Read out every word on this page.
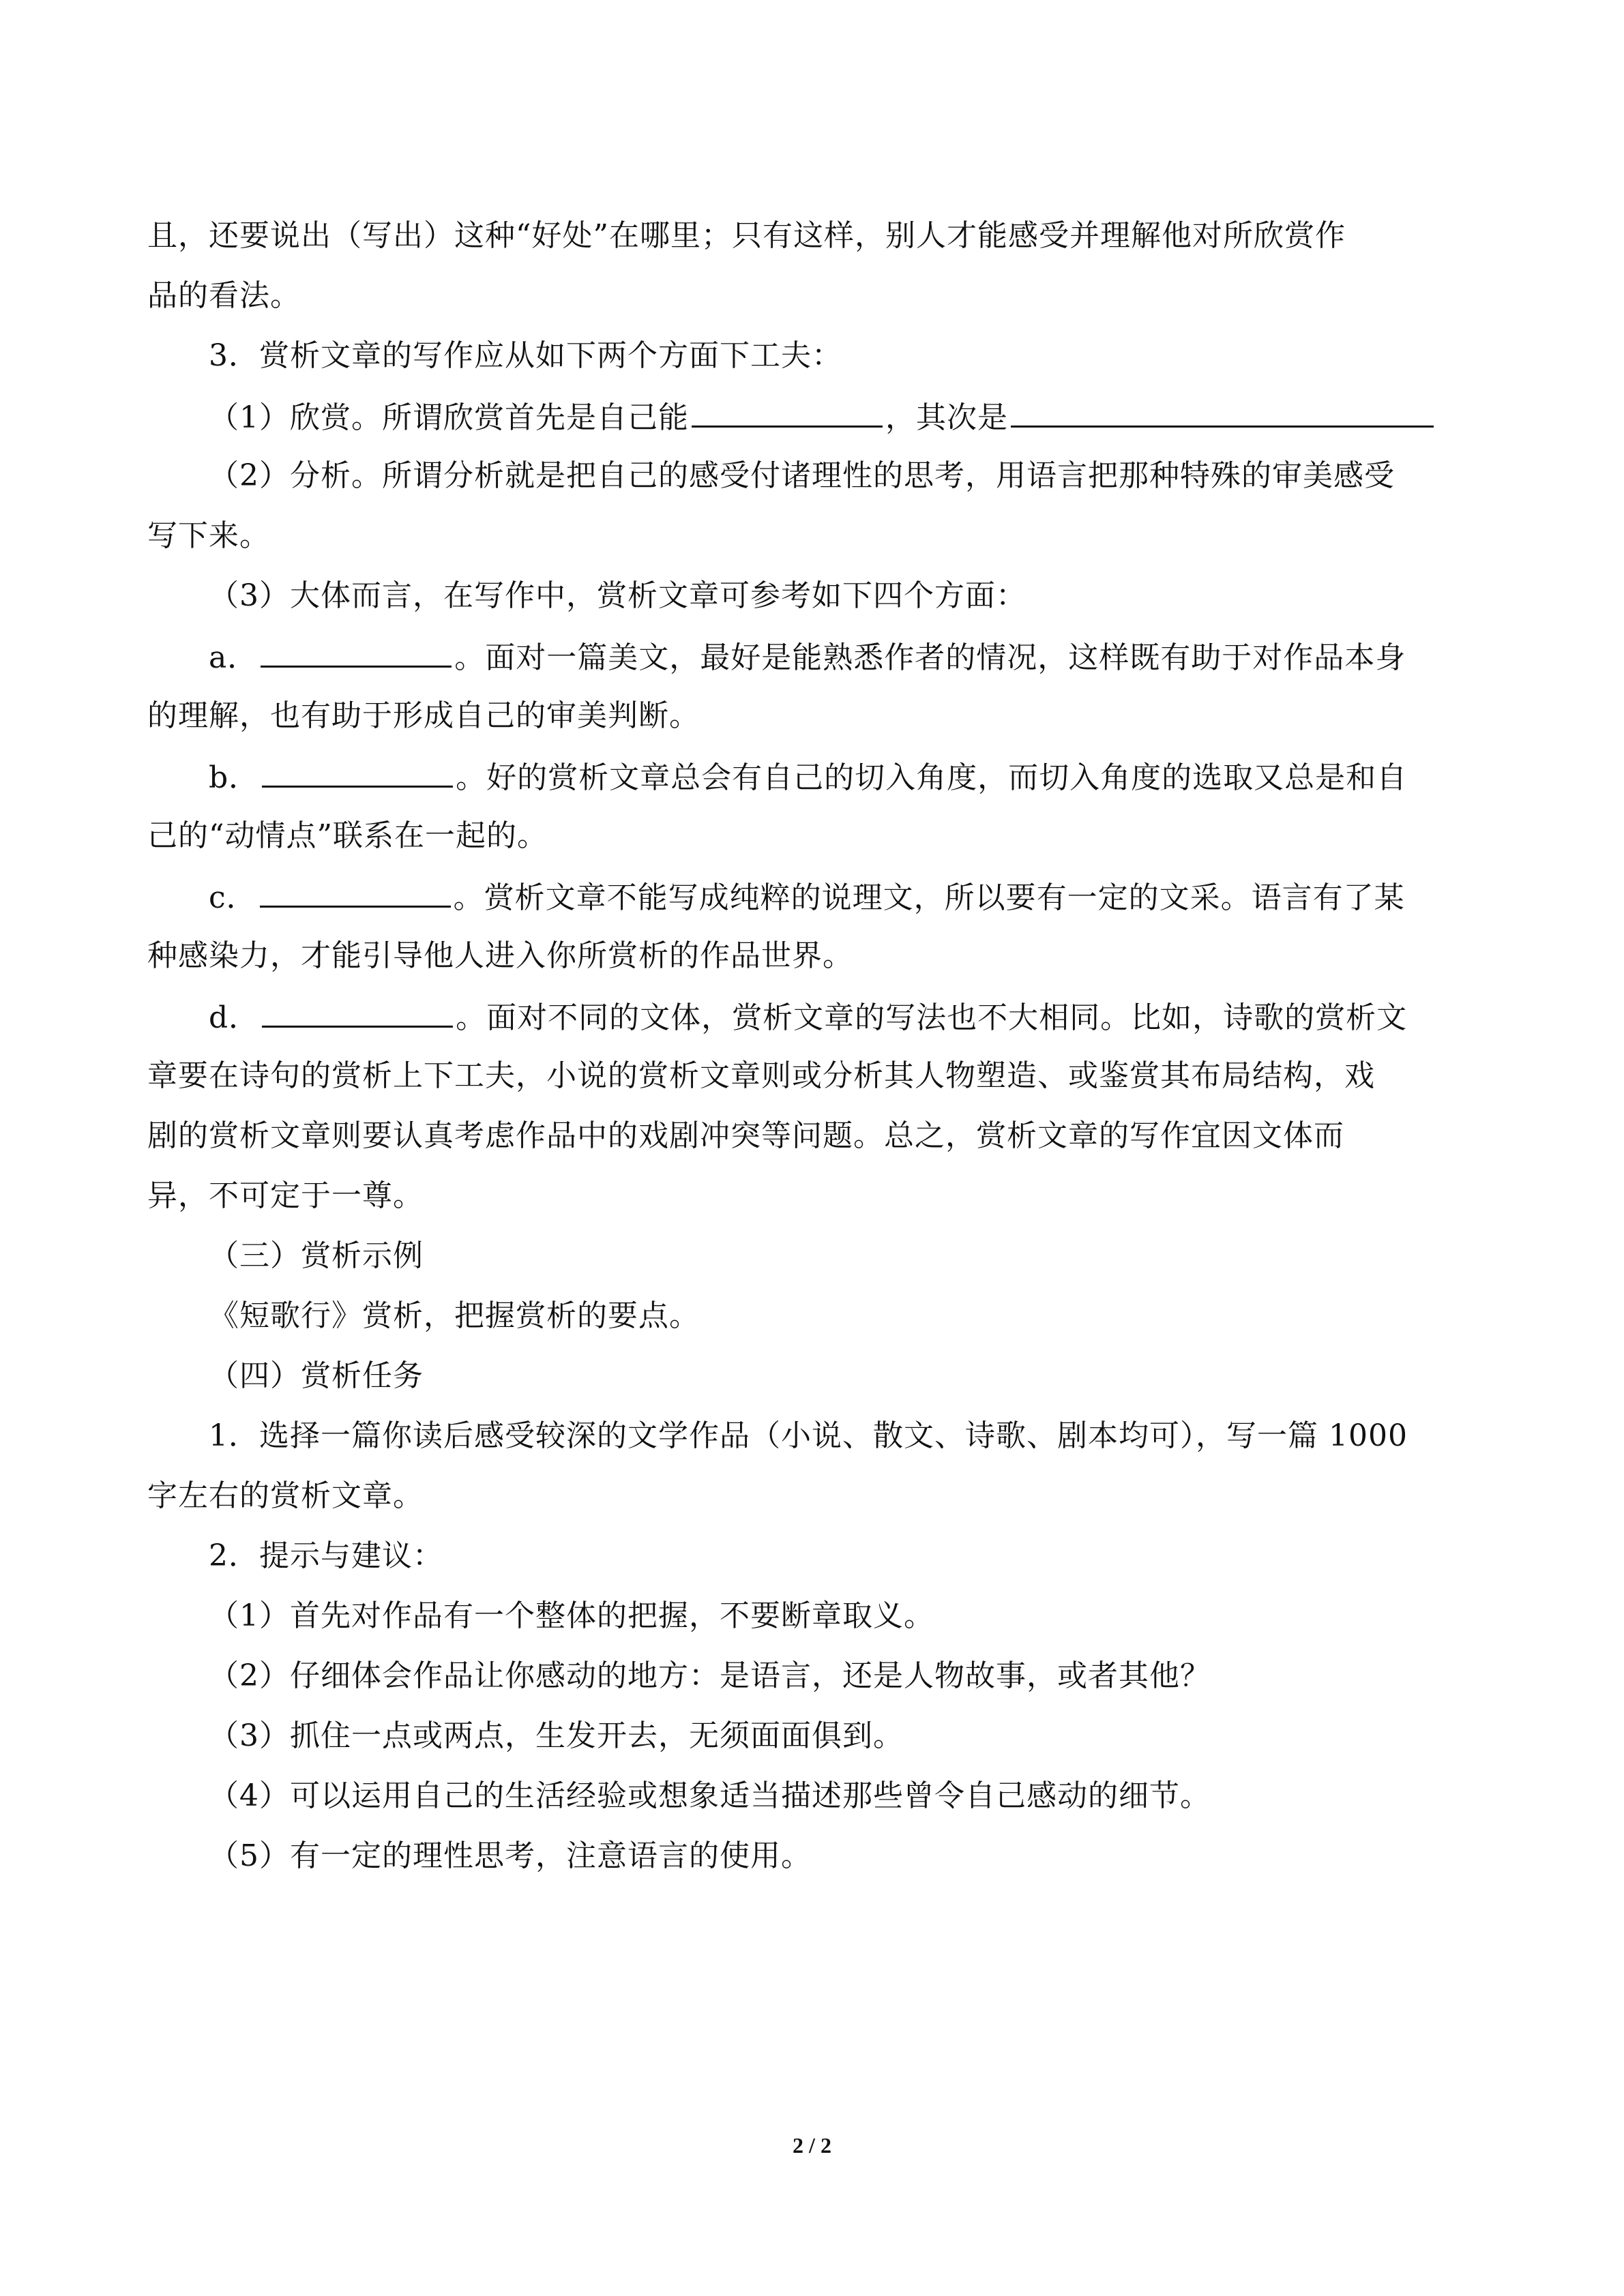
且，还要说出（写出）这种“好处”在哪里；只有这样，别人才能感受并理解他对所欣赏作
品的看法。
3．赏析文章的写作应从如下两个方面下工夫：
（1）欣赏。所谓欣赏首先是自己能	，其次是
（2）分析。所谓分析就是把自己的感受付诸理性的思考，用语言把那种特殊的审美感受
写下来。
（3）大体而言，在写作中，赏析文章可参考如下四个方面：
a．	。面对一篇美文，最好是能熟悉作者的情况，这样既有助于对作品本身
的理解，也有助于形成自己的审美判断。
b．	。好的赏析文章总会有自己的切入角度，而切入角度的选取又总是和自
己的“动情点”联系在一起的。
c．	。赏析文章不能写成纯粹的说理文，所以要有一定的文采。语言有了某
种感染力，才能引导他人进入你所赏析的作品世界。
d．	。面对不同的文体，赏析文章的写法也不大相同。比如，诗歌的赏析文
章要在诗句的赏析上下工夫，小说的赏析文章则或分析其人物塑造、或鉴赏其布局结构，戏
剧的赏析文章则要认真考虑作品中的戏剧冲突等问题。总之，赏析文章的写作宜因文体而
异，不可定于一尊。
（三）赏析示例
《短歌行》赏析，把握赏析的要点。
（四）赏析任务
1．选择一篇你读后感受较深的文学作品（小说、散文、诗歌、剧本均可），写一篇 1000
字左右的赏析文章。
2．提示与建议：
（1）首先对作品有一个整体的把握，不要断章取义。
（2）仔细体会作品让你感动的地方：是语言，还是人物故事，或者其他？
（3）抓住一点或两点，生发开去，无须面面俱到。
（4）可以运用自己的生活经验或想象适当描述那些曾令自己感动的细节。
（5）有一定的理性思考，注意语言的使用。
2 / 2
